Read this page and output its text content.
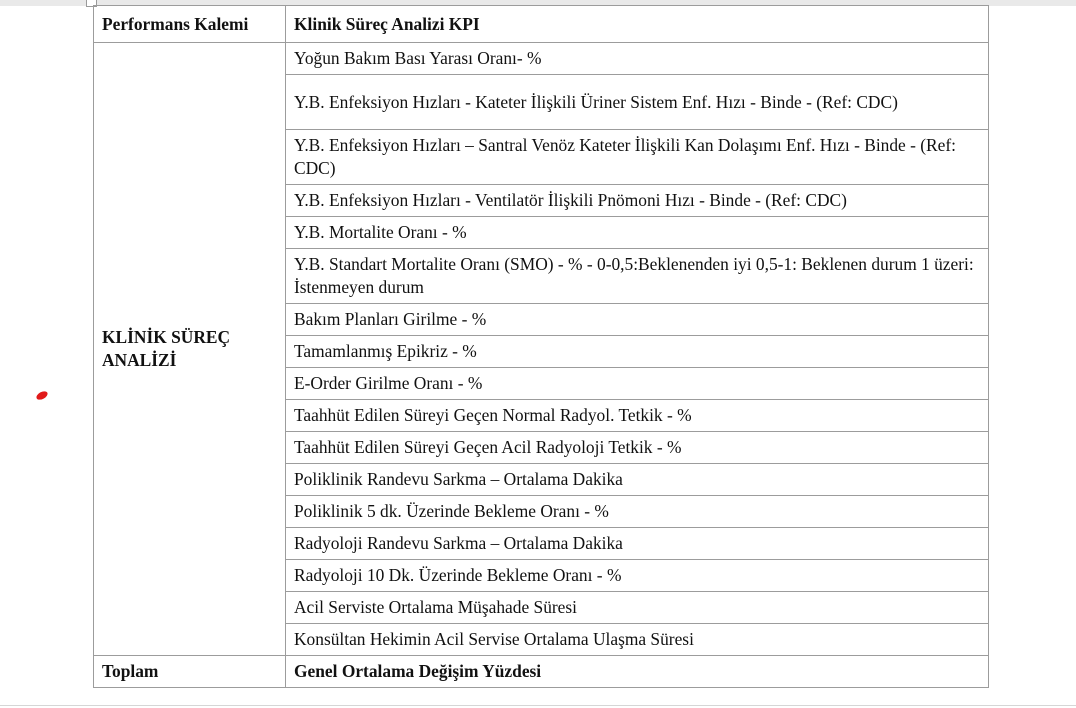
Performans Kalemi	Klinik Süreç Analizi KPI
KLİNİK SÜREÇ ANALİZİ	Yoğun Bakım Bası Yarası Oranı- %
	Y.B. Enfeksiyon Hızları - Kateter İlişkili Üriner Sistem Enf. Hızı - Binde - (Ref: CDC)
	Y.B. Enfeksiyon Hızları – Santral Venöz Kateter İlişkili Kan Dolaşımı Enf. Hızı - Binde - (Ref: CDC)
	Y.B. Enfeksiyon Hızları - Ventilatör İlişkili Pnömoni Hızı - Binde - (Ref: CDC)
	Y.B. Mortalite Oranı - %
	Y.B. Standart Mortalite Oranı (SMO) - % - 0-0,5:Beklenenden iyi 0,5-1: Beklenen durum 1 üzeri: İstenmeyen durum
	Bakım Planları Girilme - %
	Tamamlanmış Epikriz - %
	E-Order Girilme Oranı - %
	Taahhüt Edilen Süreyi Geçen Normal Radyol. Tetkik - %
	Taahhüt Edilen Süreyi Geçen Acil Radyoloji Tetkik - %
	Poliklinik Randevu Sarkma – Ortalama Dakika
	Poliklinik 5 dk. Üzerinde Bekleme Oranı - %
	Radyoloji Randevu Sarkma – Ortalama Dakika
	Radyoloji 10 Dk. Üzerinde Bekleme Oranı - %
	Acil Serviste Ortalama Müşahade Süresi
	Konsültan Hekimin Acil Servise Ortalama Ulaşma Süresi
Toplam	Genel Ortalama Değişim Yüzdesi
